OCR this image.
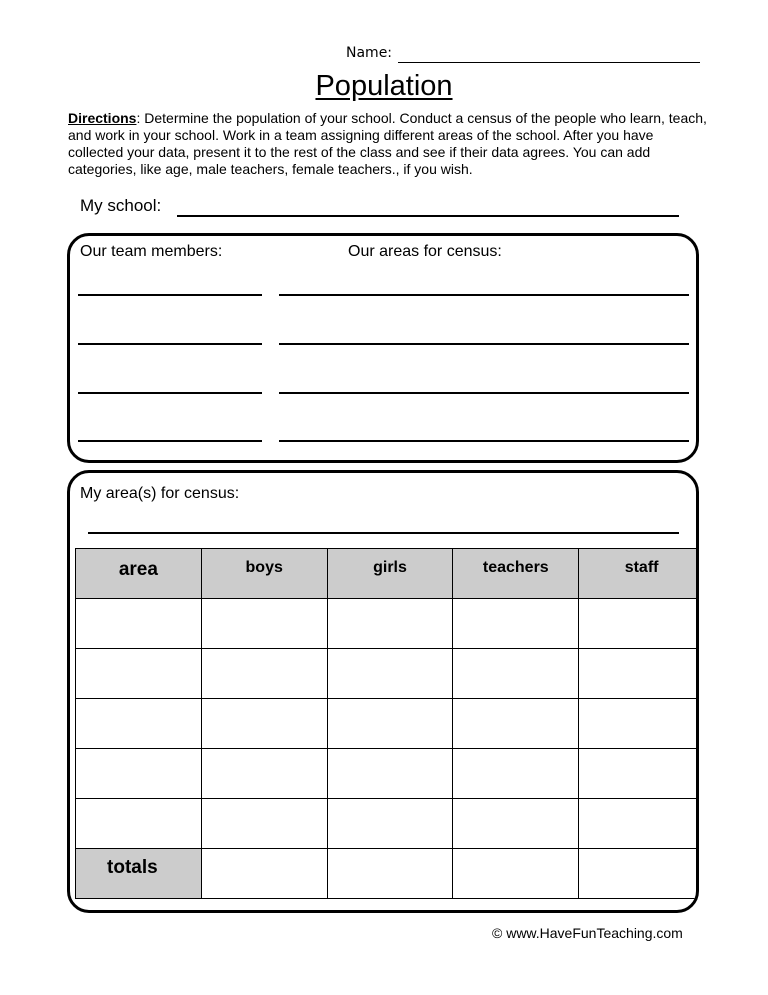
Name:
Population
Directions: Determine the population of your school. Conduct a census of the people who learn, teach, and work in your school. Work in a team assigning different areas of the school. After you have collected your data, present it to the rest of the class and see if their data agrees. You can add categories, like age, male teachers, female teachers., if you wish.
My school:
Our team members:	Our areas for census:
area	boys	girls	teachers	staff

totals				
My area(s) for census:
© www.HaveFunTeaching.com
